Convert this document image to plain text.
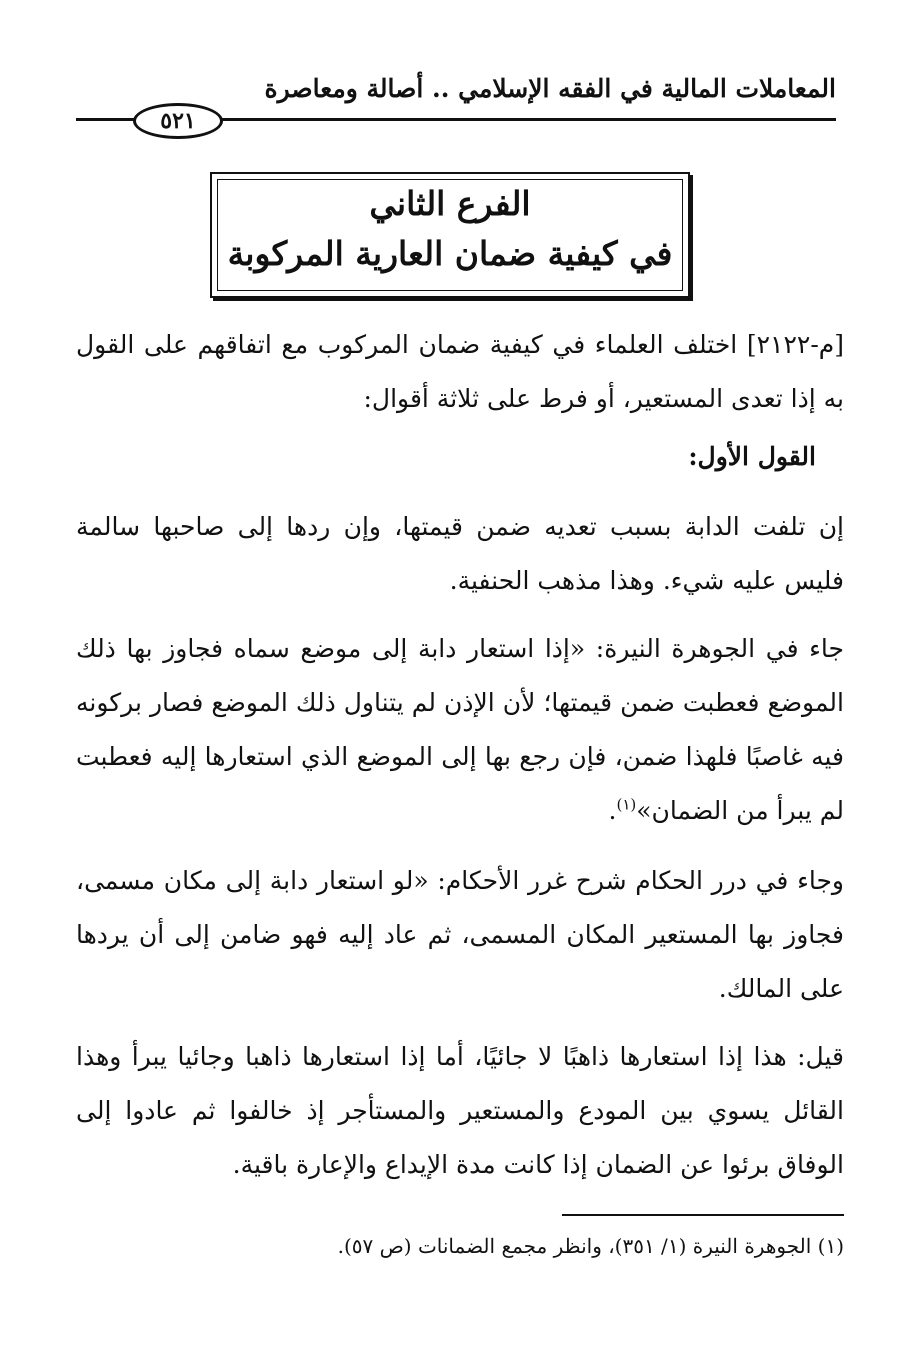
المعاملات المالية في الفقه الإسلامي .. أصالة ومعاصرة
٥٢١
الفرع الثاني
في كيفية ضمان العارية المركوبة
[م-٢١٢٢] اختلف العلماء في كيفية ضمان المركوب مع اتفاقهم على القول به إذا تعدى المستعير، أو فرط على ثلاثة أقوال:
القول الأول:
إن تلفت الدابة بسبب تعديه ضمن قيمتها، وإن ردها إلى صاحبها سالمة فليس عليه شيء. وهذا مذهب الحنفية.
جاء في الجوهرة النيرة: «إذا استعار دابة إلى موضع سماه فجاوز بها ذلك الموضع فعطبت ضمن قيمتها؛ لأن الإذن لم يتناول ذلك الموضع فصار بركونه فيه غاصبًا فلهذا ضمن، فإن رجع بها إلى الموضع الذي استعارها إليه فعطبت لم يبرأ من الضمان»$^{(١)}$.
وجاء في درر الحكام شرح غرر الأحكام: «لو استعار دابة إلى مكان مسمى، فجاوز بها المستعير المكان المسمى، ثم عاد إليه فهو ضامن إلى أن يردها على المالك.
قيل: هذا إذا استعارها ذاهبًا لا جائيًا، أما إذا استعارها ذاهبا وجائيا يبرأ وهذا القائل يسوي بين المودع والمستعير والمستأجر إذ خالفوا ثم عادوا إلى الوفاق برئوا عن الضمان إذا كانت مدة الإيداع والإعارة باقية.
(١) الجوهرة النيرة (١/ ٣٥١)، وانظر مجمع الضمانات (ص ٥٧).
